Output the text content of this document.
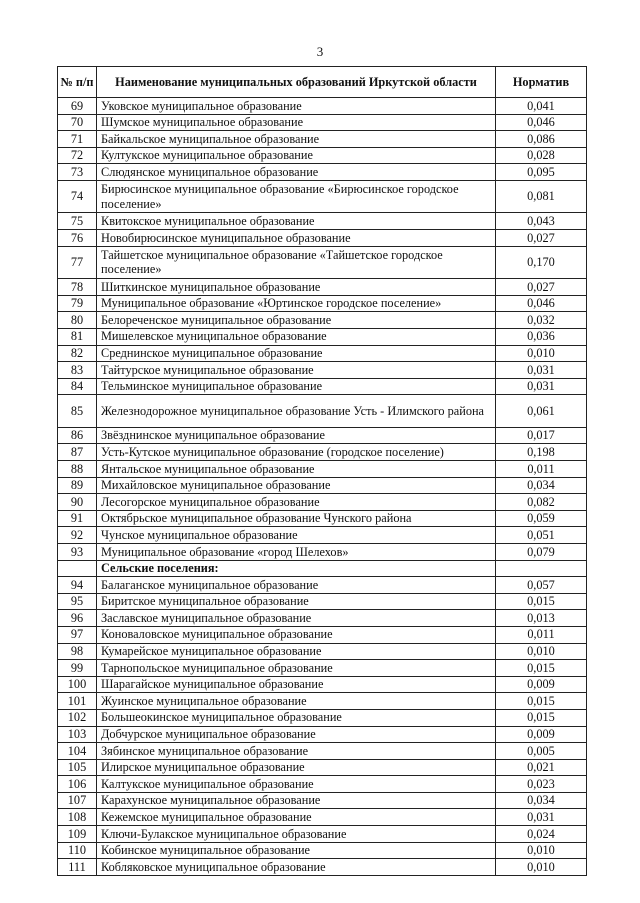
3
№ п/п	Наименование муниципальных образований Иркутской области	Норматив
69	Уковское муниципальное образование	0,041
70	Шумское муниципальное образование	0,046
71	Байкальское муниципальное образование	0,086
72	Култукское муниципальное образование	0,028
73	Слюдянское муниципальное образование	0,095
74	Бирюсинское муниципальное образование «Бирюсинское городское поселение»	0,081
75	Квитокское муниципальное образование	0,043
76	Новобирюсинское муниципальное образование	0,027
77	Тайшетское муниципальное образование «Тайшетское городское поселение»	0,170
78	Шиткинское муниципальное образование	0,027
79	Муниципальное образование «Юртинское городское поселение»	0,046
80	Белореченское муниципальное образование	0,032
81	Мишелевское муниципальное образование	0,036
82	Среднинское муниципальное образование	0,010
83	Тайтурское муниципальное образование	0,031
84	Тельминское муниципальное образование	0,031
85	Железнодорожное муниципальное образование Усть - Илимского района	0,061
86	Звёзднинское муниципальное образование	0,017
87	Усть-Кутское муниципальное образование (городское поселение)	0,198
88	Янтальское муниципальное образование	0,011
89	Михайловское муниципальное образование	0,034
90	Лесогорское муниципальное образование	0,082
91	Октябрьское муниципальное образование Чунского района	0,059
92	Чунское муниципальное образование	0,051
93	Муниципальное образование «город Шелехов»	0,079
	Сельские поселения:	
94	Балаганское муниципальное образование	0,057
95	Биритское муниципальное образование	0,015
96	Заславское муниципальное образование	0,013
97	Коноваловское муниципальное образование	0,011
98	Кумарейское муниципальное образование	0,010
99	Тарнопольское муниципальное образование	0,015
100	Шарагайское муниципальное образование	0,009
101	Жуинское муниципальное образование	0,015
102	Большеокинское муниципальное образование	0,015
103	Добчурское муниципальное образование	0,009
104	Зябинское муниципальное образование	0,005
105	Илирское муниципальное образование	0,021
106	Калтукское муниципальное образование	0,023
107	Карахунское муниципальное образование	0,034
108	Кежемское муниципальное образование	0,031
109	Ключи-Булакское муниципальное образование	0,024
110	Кобинское муниципальное образование	0,010
111	Кобляковское муниципальное образование	0,010
